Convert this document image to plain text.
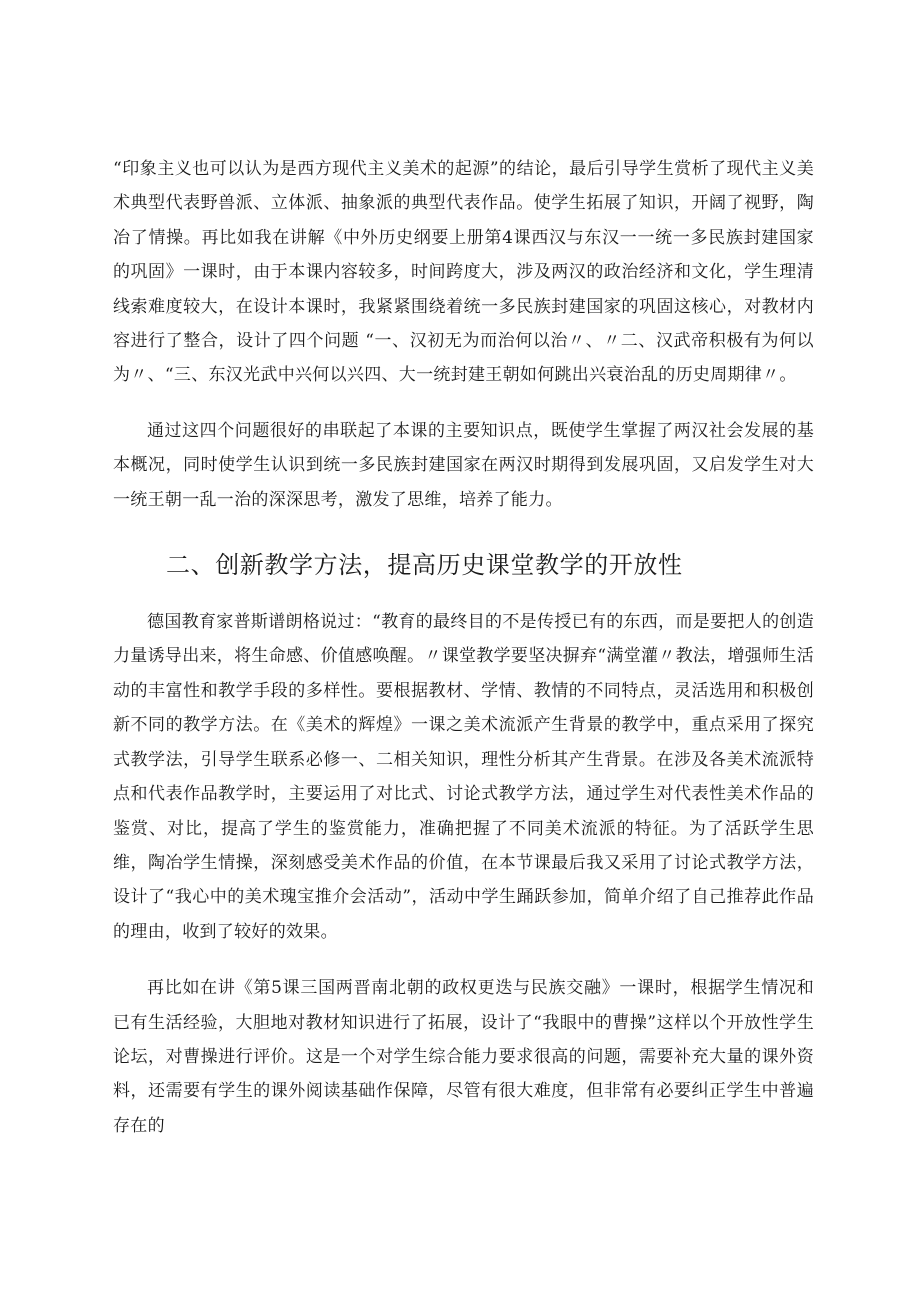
“印象主义也可以认为是西方现代主义美术的起源”的结论，最后引导学生赏析了现代主义美术典型代表野兽派、立体派、抽象派的典型代表作品。使学生拓展了知识，开阔了视野，陶冶了情操。再比如我在讲解《中外历史纲要上册第4课西汉与东汉一一统一多民族封建国家的巩固》一课时，由于本课内容较多，时间跨度大，涉及两汉的政治经济和文化，学生理清线索难度较大，在设计本课时，我紧紧围绕着统一多民族封建国家的巩固这核心，对教材内容进行了整合，设计了四个问题 “一、汉初无为而治何以治〃、〃二、汉武帝积极有为何以为〃、“三、东汉光武中兴何以兴四、大一统封建王朝如何跳出兴衰治乱的历史周期律〃。

通过这四个问题很好的串联起了本课的主要知识点，既使学生掌握了两汉社会发展的基本概况，同时使学生认识到统一多民族封建国家在两汉时期得到发展巩固，又启发学生对大一统王朝一乱一治的深深思考，激发了思维，培养了能力。

二、创新教学方法，提高历史课堂教学的开放性

德国教育家普斯谱朗格说过：“教育的最终目的不是传授已有的东西，而是要把人的创造力量诱导出来，将生命感、价值感唤醒。〃课堂教学要坚决摒弃“满堂灌〃教法，增强师生活动的丰富性和教学手段的多样性。要根据教材、学情、教情的不同特点，灵活选用和积极创新不同的教学方法。在《美术的辉煌》一课之美术流派产生背景的教学中，重点采用了探究式教学法，引导学生联系必修一、二相关知识，理性分析其产生背景。在涉及各美术流派特点和代表作品教学时，主要运用了对比式、讨论式教学方法，通过学生对代表性美术作品的鉴赏、对比，提高了学生的鉴赏能力，准确把握了不同美术流派的特征。为了活跃学生思维，陶冶学生情操，深刻感受美术作品的价值，在本节课最后我又采用了讨论式教学方法，设计了“我心中的美术瑰宝推介会活动”，活动中学生踊跃参加，简单介绍了自己推荐此作品的理由，收到了较好的效果。

再比如在讲《第5课三国两晋南北朝的政权更迭与民族交融》一课时，根据学生情况和已有生活经验，大胆地对教材知识进行了拓展，设计了“我眼中的曹操”这样以个开放性学生论坛，对曹操进行评价。这是一个对学生综合能力要求很高的问题，需要补充大量的课外资料，还需要有学生的课外阅读基础作保障，尽管有很大难度，但非常有必要纠正学生中普遍存在的
